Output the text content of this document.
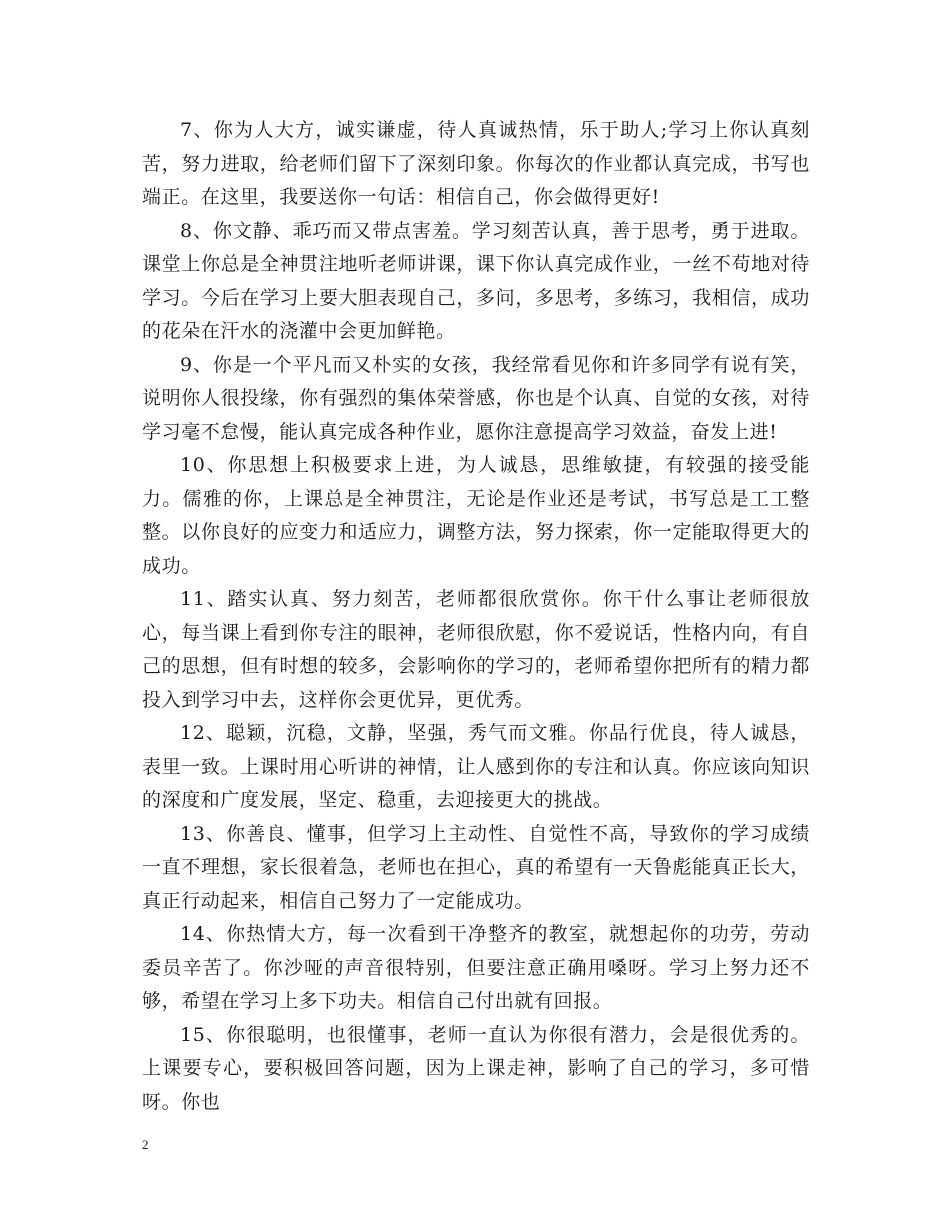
7、你为人大方，诚实谦虚，待人真诚热情，乐于助人;学习上你认真刻苦，努力进取，给老师们留下了深刻印象。你每次的作业都认真完成，书写也端正。在这里，我要送你一句话：相信自己，你会做得更好!

8、你文静、乖巧而又带点害羞。学习刻苦认真，善于思考，勇于进取。课堂上你总是全神贯注地听老师讲课，课下你认真完成作业，一丝不苟地对待学习。今后在学习上要大胆表现自己，多问，多思考，多练习，我相信，成功的花朵在汗水的浇灌中会更加鲜艳。

9、你是一个平凡而又朴实的女孩，我经常看见你和许多同学有说有笑，说明你人很投缘，你有强烈的集体荣誉感，你也是个认真、自觉的女孩，对待学习毫不怠慢，能认真完成各种作业，愿你注意提高学习效益，奋发上进!

10、你思想上积极要求上进，为人诚恳，思维敏捷，有较强的接受能力。儒雅的你，上课总是全神贯注，无论是作业还是考试，书写总是工工整整。以你良好的应变力和适应力，调整方法，努力探索，你一定能取得更大的成功。

11、踏实认真、努力刻苦，老师都很欣赏你。你干什么事让老师很放心，每当课上看到你专注的眼神，老师很欣慰，你不爱说话，性格内向，有自己的思想，但有时想的较多，会影响你的学习的，老师希望你把所有的精力都投入到学习中去，这样你会更优异，更优秀。

12、聪颖，沉稳，文静，坚强，秀气而文雅。你品行优良，待人诚恳，表里一致。上课时用心听讲的神情，让人感到你的专注和认真。你应该向知识的深度和广度发展，坚定、稳重，去迎接更大的挑战。

13、你善良、懂事，但学习上主动性、自觉性不高，导致你的学习成绩一直不理想，家长很着急，老师也在担心，真的希望有一天鲁彪能真正长大，真正行动起来，相信自己努力了一定能成功。

14、你热情大方，每一次看到干净整齐的教室，就想起你的功劳，劳动委员辛苦了。你沙哑的声音很特别，但要注意正确用嗓呀。学习上努力还不够，希望在学习上多下功夫。相信自己付出就有回报。

15、你很聪明，也很懂事，老师一直认为你很有潜力，会是很优秀的。上课要专心，要积极回答问题，因为上课走神，影响了自己的学习，多可惜呀。你也

2
